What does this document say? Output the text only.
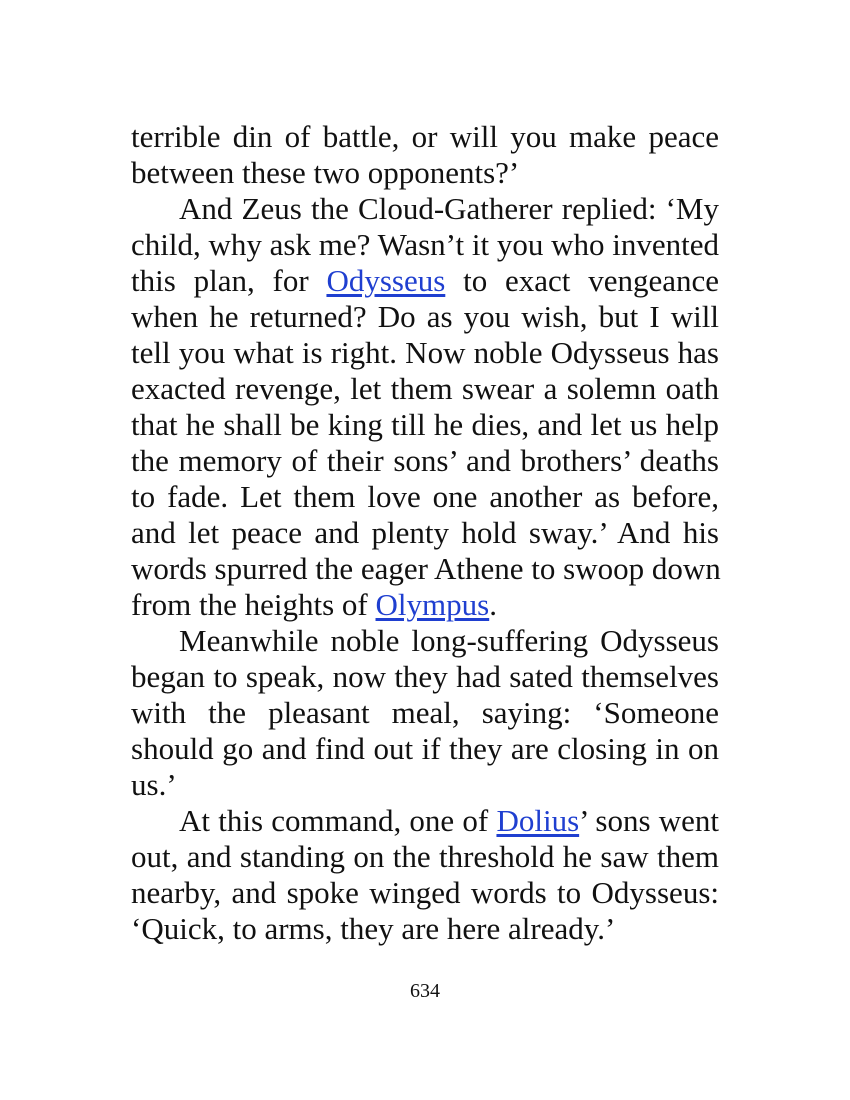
terrible din of battle, or will you make peace
between these two opponents?’
And Zeus the Cloud-Gatherer replied: ‘My
child, why ask me? Wasn’t it you who invented
this plan, for Odysseus to exact vengeance
when he returned? Do as you wish, but I will
tell you what is right. Now noble Odysseus has
exacted revenge, let them swear a solemn oath
that he shall be king till he dies, and let us help
the memory of their sons’ and brothers’ deaths
to fade. Let them love one another as before,
and let peace and plenty hold sway.’ And his
words spurred the eager Athene to swoop down
from the heights of Olympus.
Meanwhile noble long-suffering Odysseus
began to speak, now they had sated themselves
with the pleasant meal, saying: ‘Someone
should go and find out if they are closing in on
us.’
At this command, one of Dolius’ sons went
out, and standing on the threshold he saw them
nearby, and spoke winged words to Odysseus:
‘Quick, to arms, they are here already.’
634
